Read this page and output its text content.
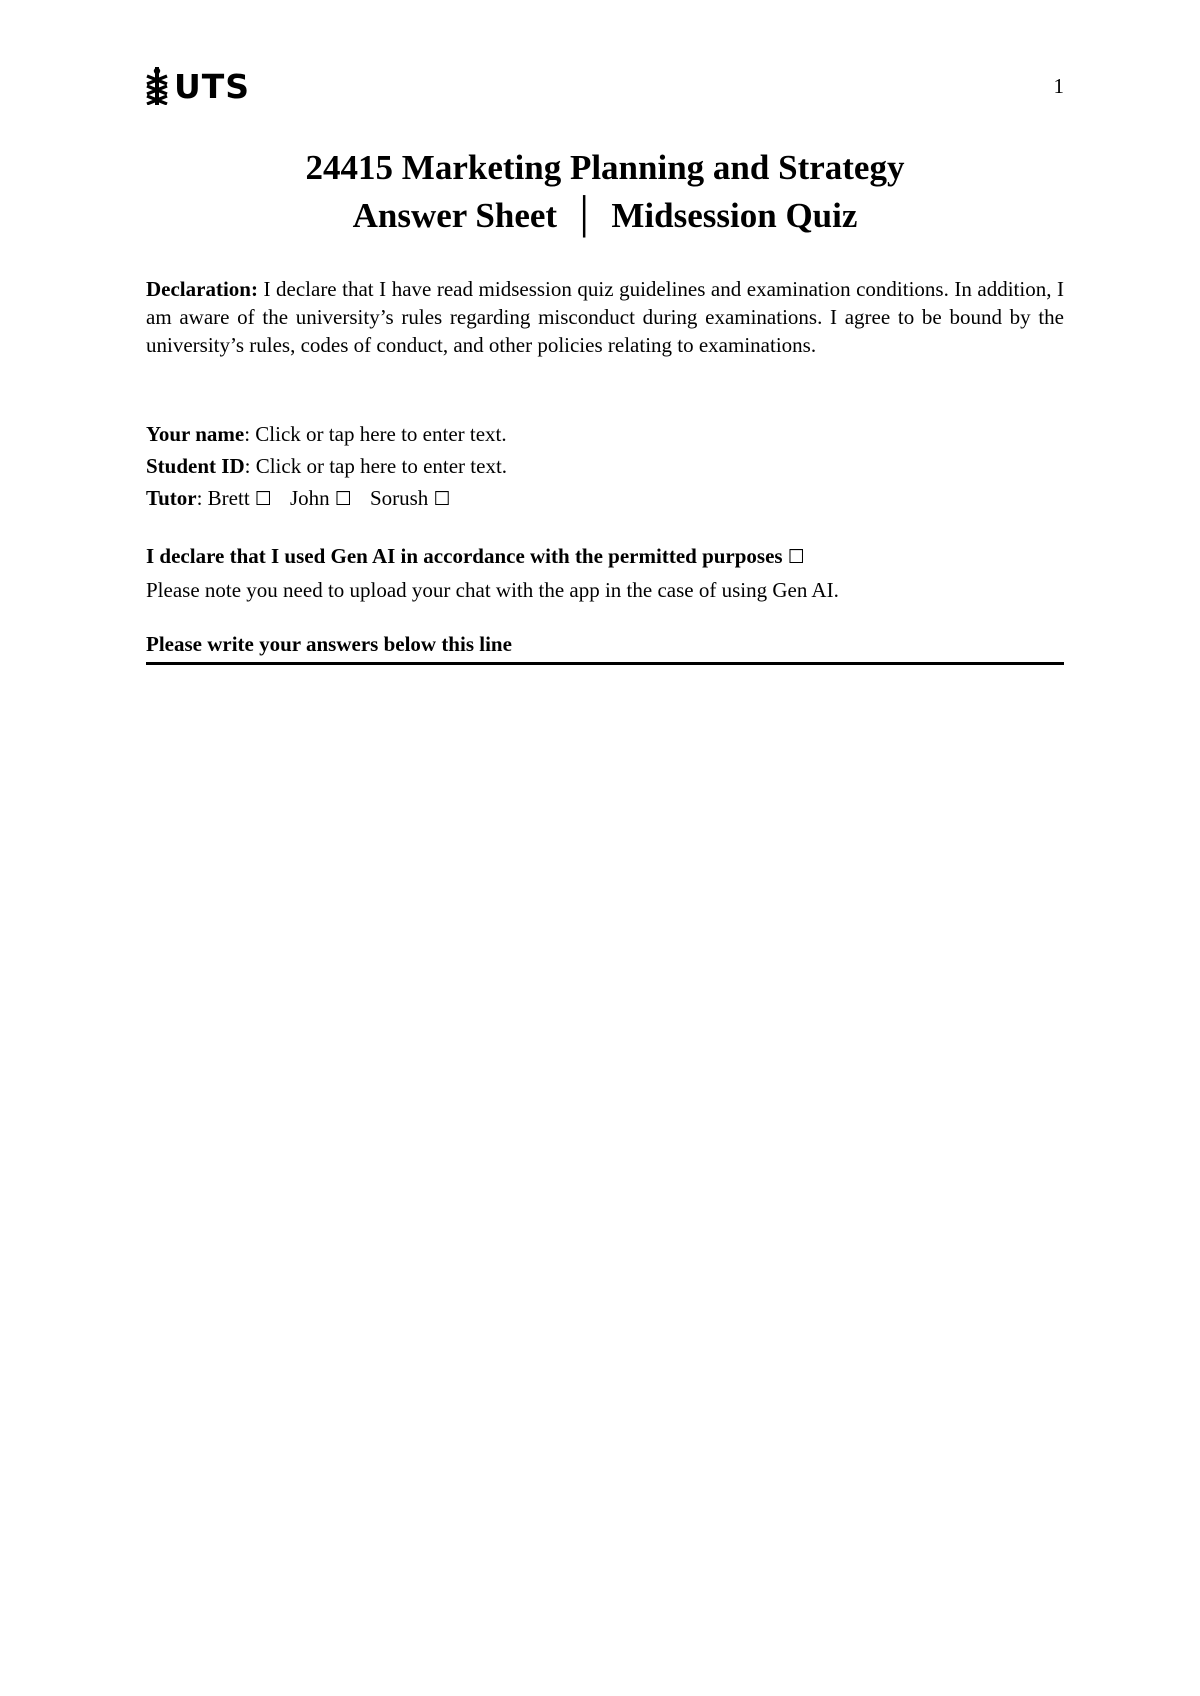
UTS	1
24415 Marketing Planning and Strategy
Answer Sheet │ Midsession Quiz
Declaration: I declare that I have read midsession quiz guidelines and examination conditions. In addition, I am aware of the university’s rules regarding misconduct during examinations. I agree to be bound by the university’s rules, codes of conduct, and other policies relating to examinations.
Your name: Click or tap here to enter text.
Student ID: Click or tap here to enter text.
Tutor: Brett ☐ John ☐ Sorush ☐
I declare that I used Gen AI in accordance with the permitted purposes ☐
Please note you need to upload your chat with the app in the case of using Gen AI.
Please write your answers below this line
